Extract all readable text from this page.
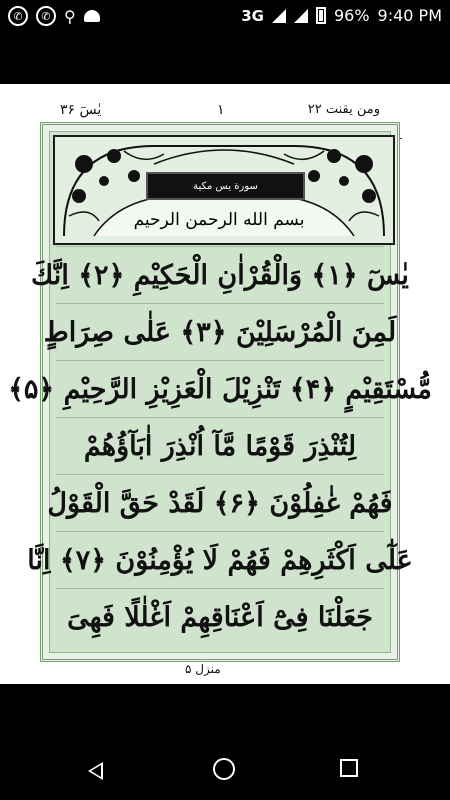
✆	✆ ⚲	3G	96% 9:40 PM
یٰسٓ ۳۶	۱	ومن یقنت ۲۲
سورة يس مكية
بسم الله الرحمن الرحيم
يٰسٓ ﴿۱﴾ وَالْقُرْاٰنِ الْحَكِيْمِ ﴿۲﴾ اِنَّكَ
لَمِنَ الْمُرْسَلِيْنَ ﴿۳﴾ عَلٰى صِرَاطٍ
مُّسْتَقِيْمٍ ﴿۴﴾ تَنْزِيْلَ الْعَزِيْزِ الرَّحِيْمِ ﴿۵﴾
لِتُنْذِرَ قَوْمًا مَّآ اُنْذِرَ اٰبَآؤُهُمْ
فَهُمْ غٰفِلُوْنَ ﴿۶﴾ لَقَدْ حَقَّ الْقَوْلُ
عَلٰٓى اَكْثَرِهِمْ فَهُمْ لَا يُؤْمِنُوْنَ ﴿۷﴾ اِنَّا
جَعَلْنَا فِىْٓ اَعْنَاقِهِمْ اَغْلٰلًا فَهِىَ
منزل ۵
